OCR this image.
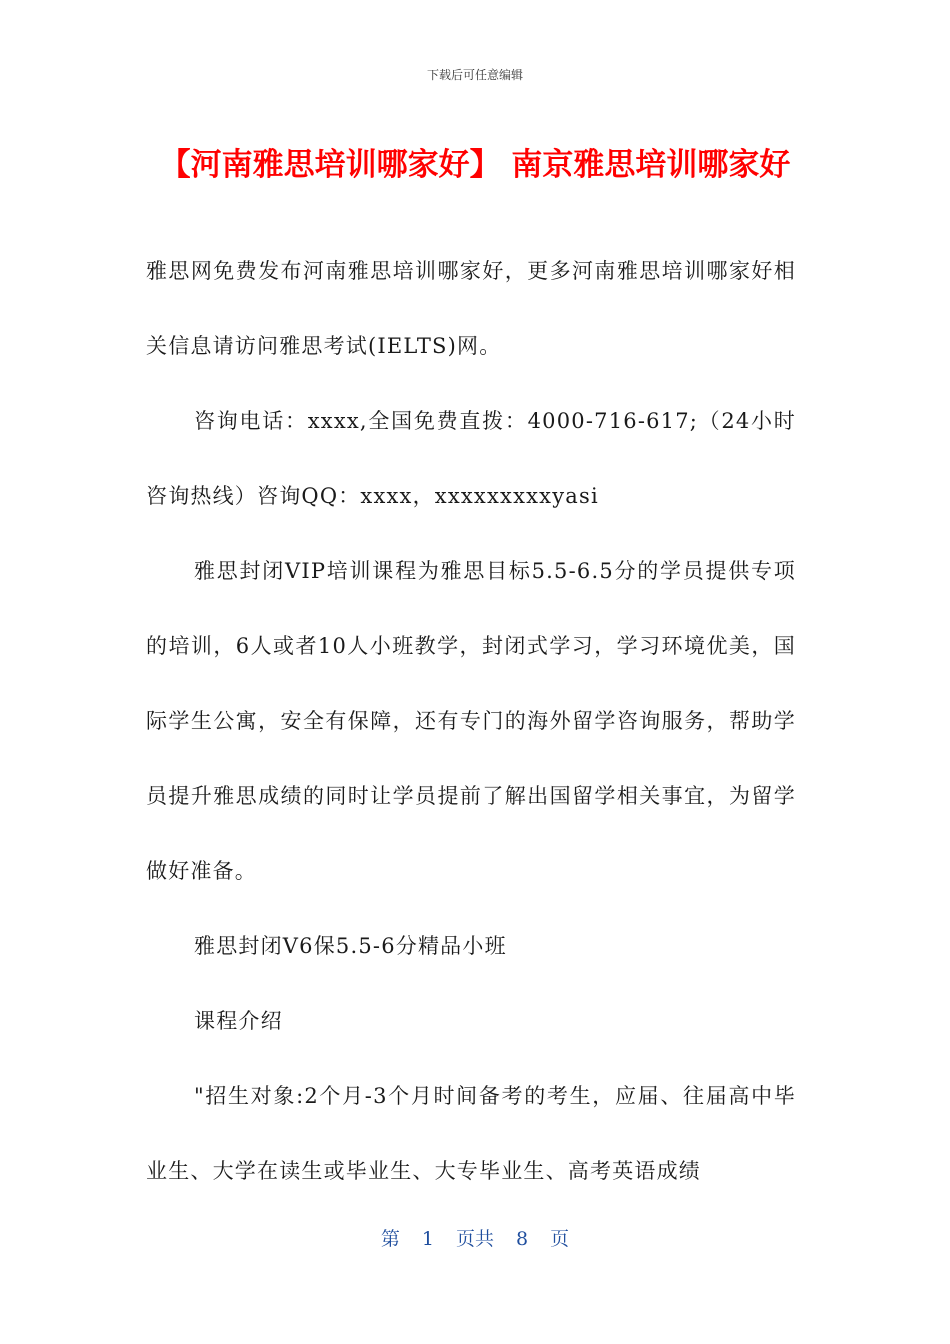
下载后可任意编辑
【河南雅思培训哪家好】 南京雅思培训哪家好

雅思网免费发布河南雅思培训哪家好，更多河南雅思培训哪家好相关信息请访问雅思考试(IELTS)网。

咨询电话：xxxx,全国免费直拨：4000-716-617;（24小时咨询热线）咨询QQ：xxxx，xxxxxxxxxyasi

雅思封闭VIP培训课程为雅思目标5.5-6.5分的学员提供专项的培训，6人或者10人小班教学，封闭式学习，学习环境优美，国际学生公寓，安全有保障，还有专门的海外留学咨询服务，帮助学员提升雅思成绩的同时让学员提前了解出国留学相关事宜，为留学做好准备。

雅思封闭V6保5.5-6分精品小班

课程介绍

"招生对象:2个月-3个月时间备考的考生，应届、往届高中毕业生、大学在读生或毕业生、大专毕业生、高考英语成绩

第 1 页共 8 页
